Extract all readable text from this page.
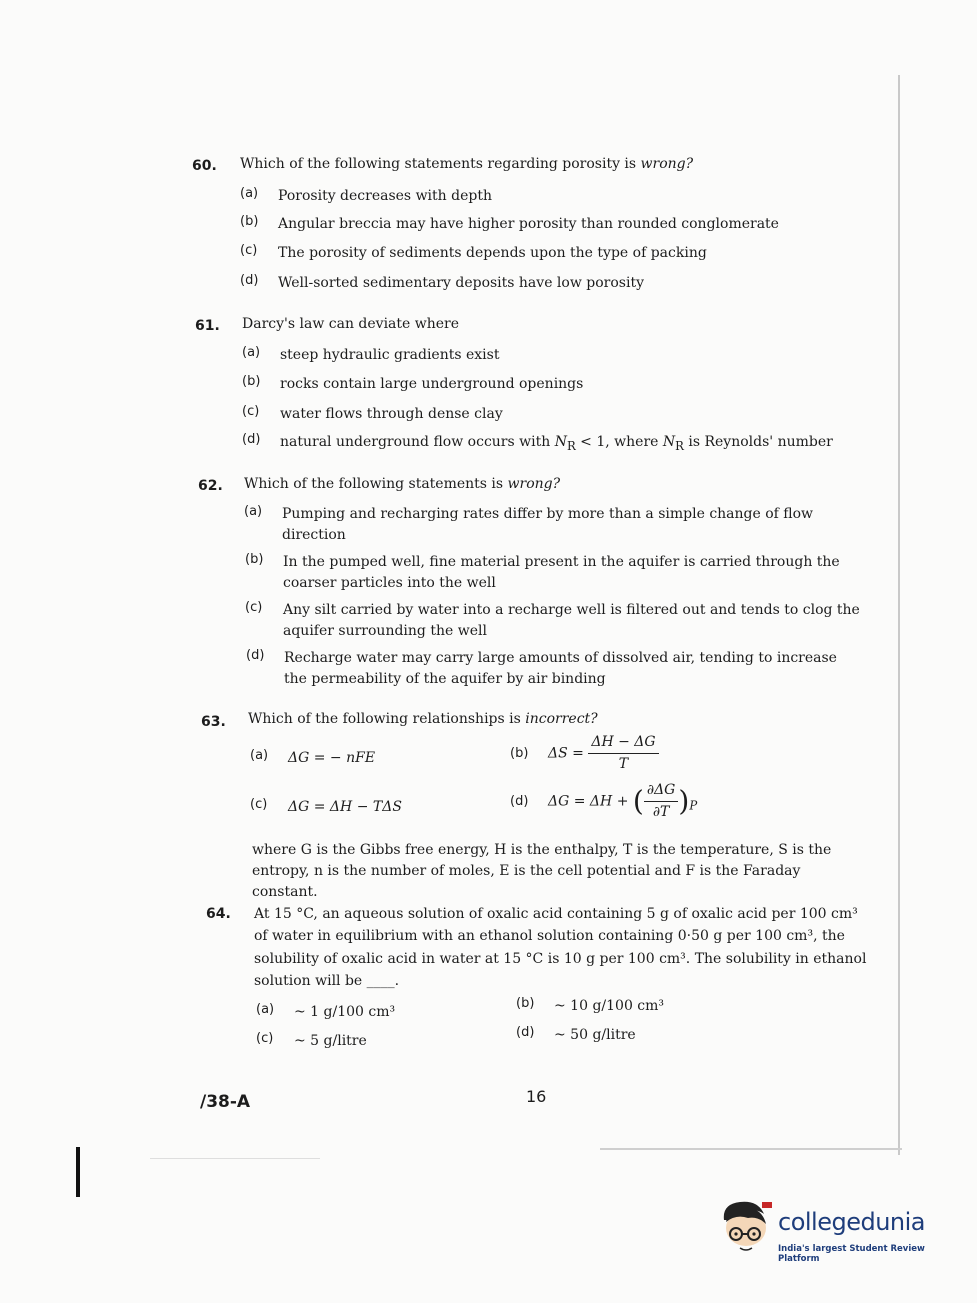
60. Which of the following statements regarding porosity is wrong?
(a)	Porosity decreases with depth
(b)	Angular breccia may have higher porosity than rounded conglomerate
(c)	The porosity of sediments depends upon the type of packing
(d)	Well-sorted sedimentary deposits have low porosity
61. Darcy's law can deviate where
(a)	steep hydraulic gradients exist
(b)	rocks contain large underground openings
(c)	water flows through dense clay
(d)	natural underground flow occurs with $N_R < 1$, where $N_R$ is Reynolds' number
62. Which of the following statements is wrong?
(a)	Pumping and recharging rates differ by more than a simple change of flow direction
(b)	In the pumped well, fine material present in the aquifer is carried through the coarser particles into the well
(c)	Any silt carried by water into a recharge well is filtered out and tends to clog the aquifer surrounding the well
(d)	Recharge water may carry large amounts of dissolved air, tending to increase the permeability of the aquifer by air binding
63. Which of the following relationships is incorrect?
(a)	ΔG = − nFE	(b)	$\Delta S = \frac{\Delta H - \Delta G}{T}$
(c)	ΔG = ΔH − TΔS	(d)	ΔG = ΔH + ( $\frac{\partial\Delta G}{\partial T} )_P$
where G is the Gibbs free energy, H is the enthalpy, T is the temperature, S is the entropy, n is the number of moles, E is the cell potential and F is the Faraday constant.
64. At 15 °C, an aqueous solution of oxalic acid containing 5 g of oxalic acid per 100 cm³ of water in equilibrium with an ethanol solution containing 0·50 g per 100 cm³, the solubility of oxalic acid in water at 15 °C is 10 g per 100 cm³. The solubility in ethanol solution will be ____.
(a)	~ 1 g/100 cm³
(b)	~ 10 g/100 cm³
(c)	~ 5 g/litre
(d)	~ 50 g/litre
/38-A	16
collegedunia
India's largest Student Review Platform
